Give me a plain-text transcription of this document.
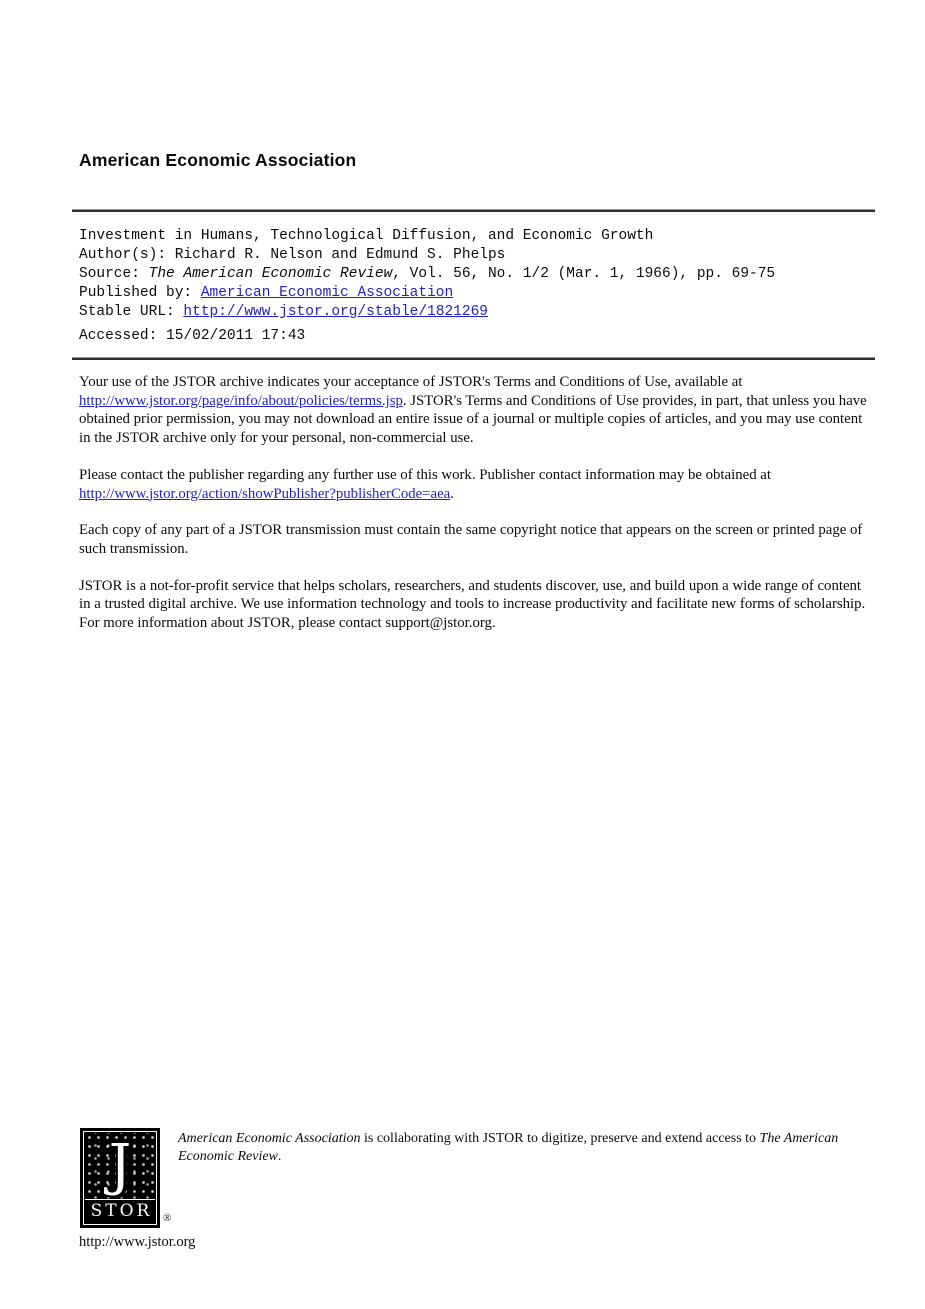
American Economic Association
Investment in Humans, Technological Diffusion, and Economic Growth
Author(s): Richard R. Nelson and Edmund S. Phelps
Source: The American Economic Review, Vol. 56, No. 1/2 (Mar. 1, 1966), pp. 69-75
Published by: American Economic Association
Stable URL: http://www.jstor.org/stable/1821269
Accessed: 15/02/2011 17:43

Your use of the JSTOR archive indicates your acceptance of JSTOR's Terms and Conditions of Use, available at http://www.jstor.org/page/info/about/policies/terms.jsp. JSTOR's Terms and Conditions of Use provides, in part, that unless you have obtained prior permission, you may not download an entire issue of a journal or multiple copies of articles, and you may use content in the JSTOR archive only for your personal, non-commercial use.

Please contact the publisher regarding any further use of this work. Publisher contact information may be obtained at http://www.jstor.org/action/showPublisher?publisherCode=aea.

Each copy of any part of a JSTOR transmission must contain the same copyright notice that appears on the screen or printed page of such transmission.

JSTOR is a not-for-profit service that helps scholars, researchers, and students discover, use, and build upon a wide range of content in a trusted digital archive. We use information technology and tools to increase productivity and facilitate new forms of scholarship. For more information about JSTOR, please contact support@jstor.org.

J
STOR ®
American Economic Association is collaborating with JSTOR to digitize, preserve and extend access to The American Economic Review.
http://www.jstor.org
